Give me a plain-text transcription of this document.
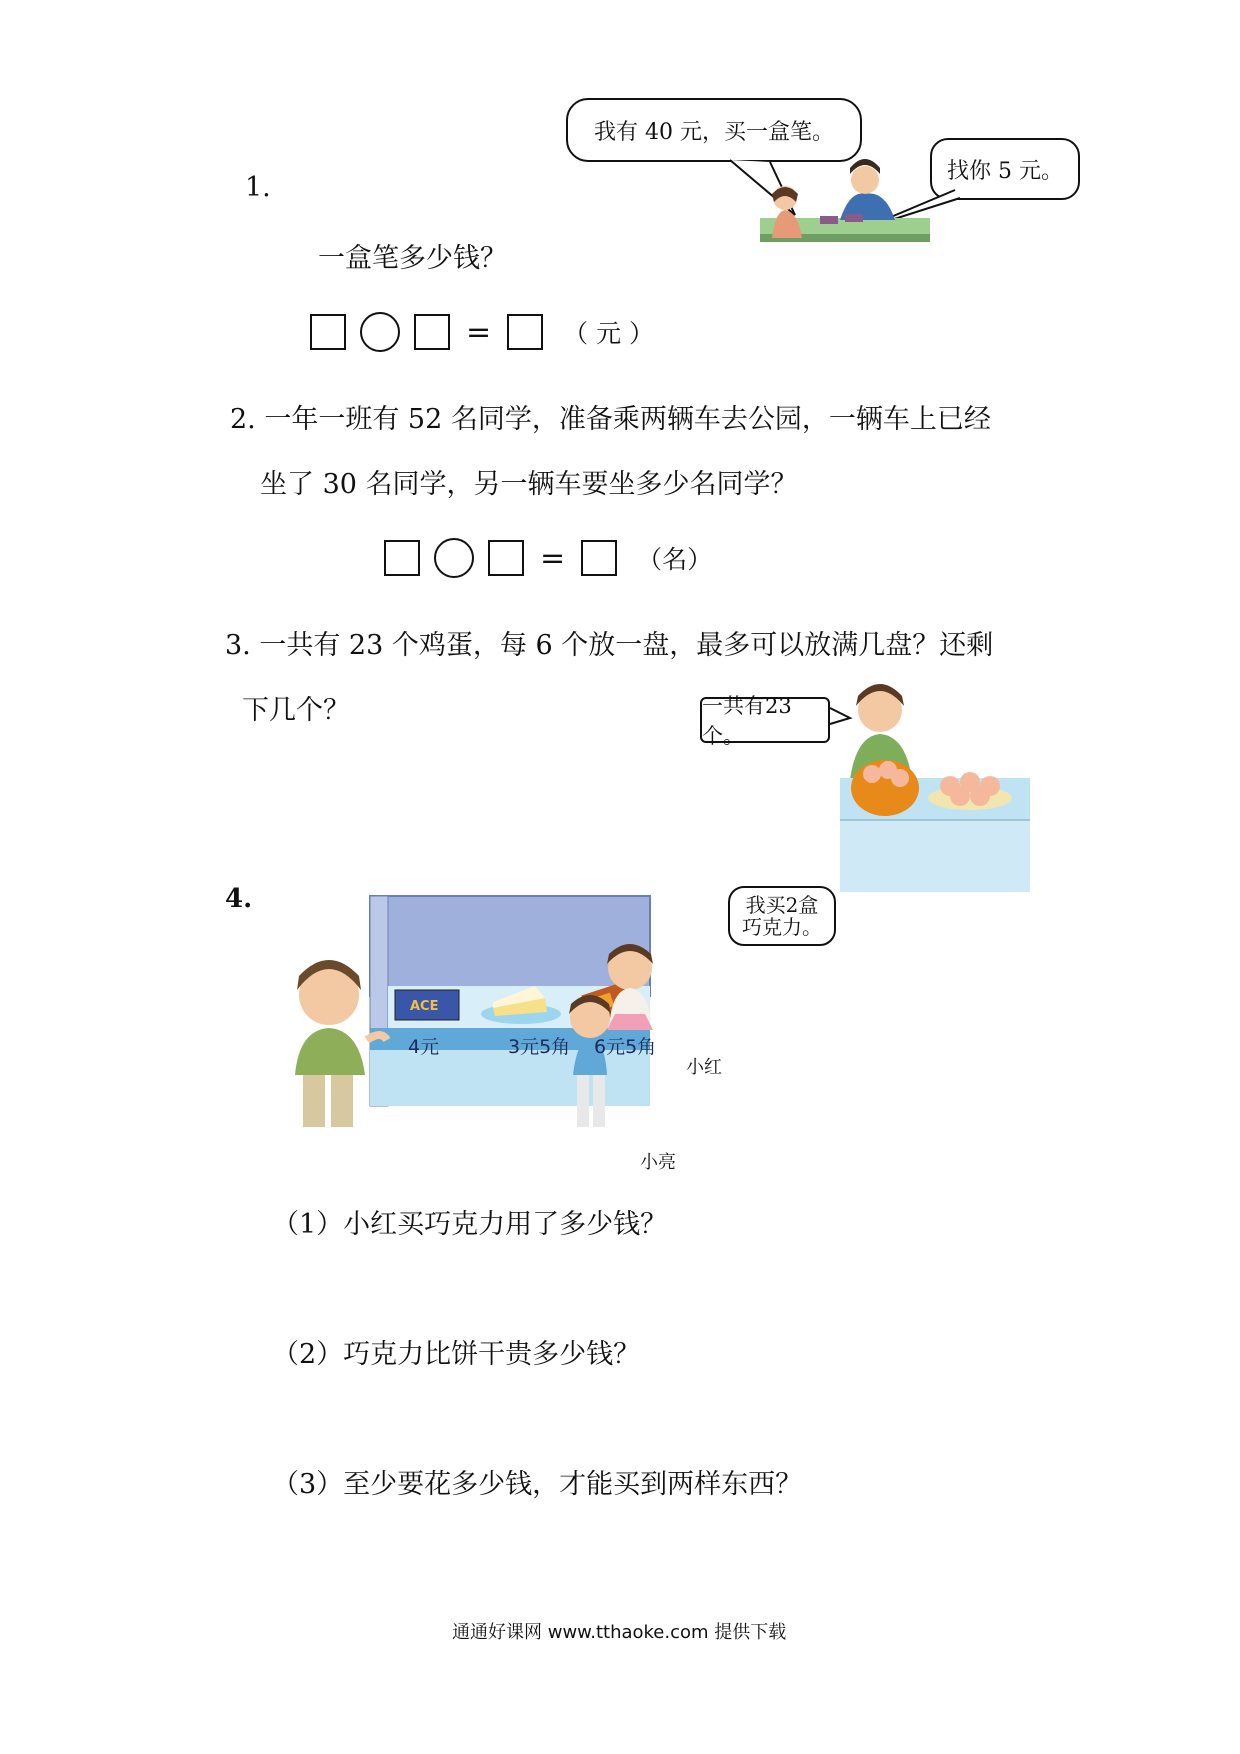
1.
我有 40 元，买一盒笔。
找你 5 元。
一盒笔多少钱？
=	（ 元 ）
2. 一年一班有 52 名同学，准备乘两辆车去公园，一辆车上已经
坐了 30 名同学，另一辆车要坐多少名同学？
=	（名）
3. 一共有 23 个鸡蛋，每 6 个放一盘，最多可以放满几盘？还剩
下几个？	一共有23个。
4.	我买2盒
巧克力。
ACE
4元	3元5角 6元5角
小红
小亮
（1）小红买巧克力用了多少钱？
（2）巧克力比饼干贵多少钱？
（3）至少要花多少钱，才能买到两样东西？
通通好课网 www.tthaoke.com 提供下载
